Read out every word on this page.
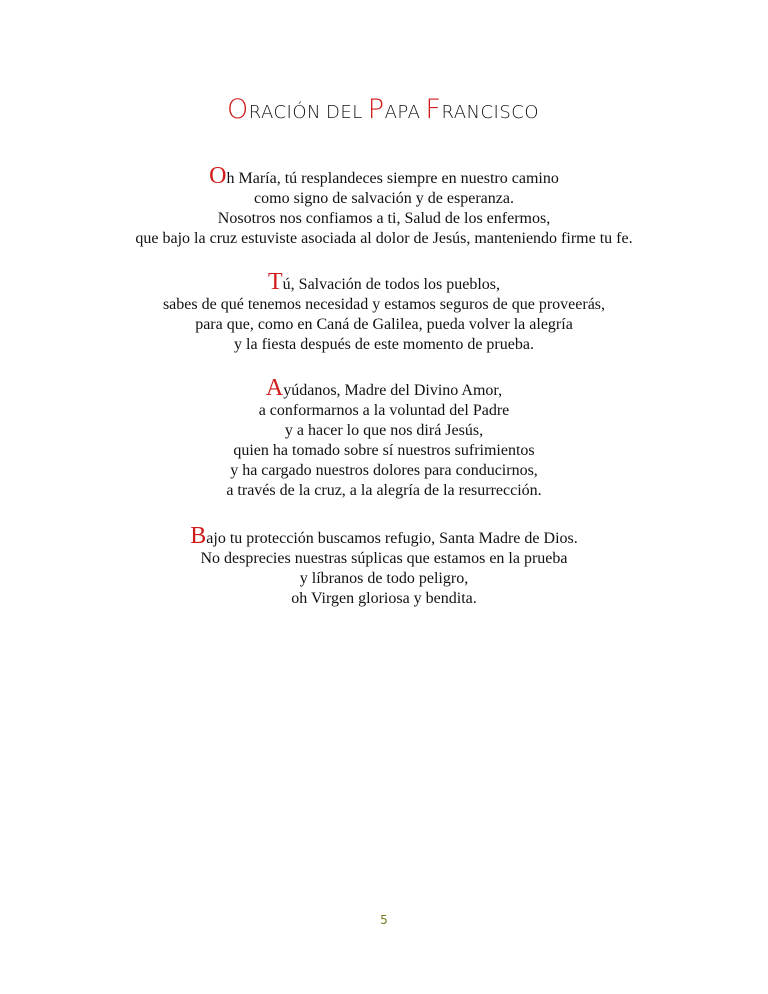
ORACIÓN DEL PAPA FRANCISCO
Oh María, tú resplandeces siempre en nuestro camino
como signo de salvación y de esperanza.
Nosotros nos confiamos a ti, Salud de los enfermos,
que bajo la cruz estuviste asociada al dolor de Jesús, manteniendo firme tu fe.
Tú, Salvación de todos los pueblos,
sabes de qué tenemos necesidad y estamos seguros de que proveerás,
para que, como en Caná de Galilea, pueda volver la alegría
y la fiesta después de este momento de prueba.
Ayúdanos, Madre del Divino Amor,
a conformarnos a la voluntad del Padre
y a hacer lo que nos dirá Jesús,
quien ha tomado sobre sí nuestros sufrimientos
y ha cargado nuestros dolores para conducirnos,
a través de la cruz, a la alegría de la resurrección.
Bajo tu protección buscamos refugio, Santa Madre de Dios.
No desprecies nuestras súplicas que estamos en la prueba
y líbranos de todo peligro,
oh Virgen gloriosa y bendita.
5
